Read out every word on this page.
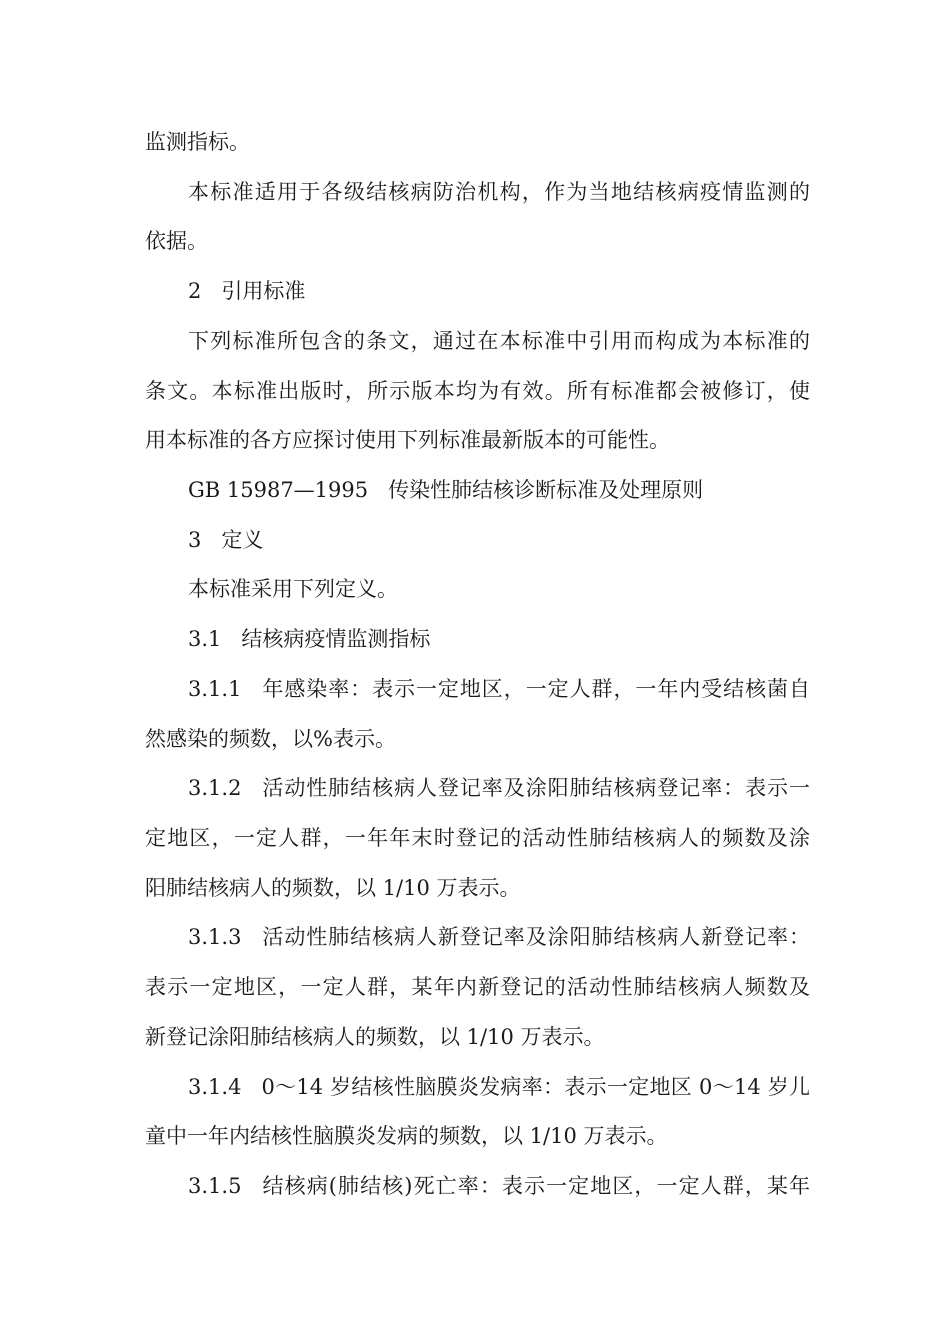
监测指标。
本标准适用于各级结核病防治机构，作为当地结核病疫情监测的
依据。
2 引用标准
下列标准所包含的条文，通过在本标准中引用而构成为本标准的
条文。本标准出版时，所示版本均为有效。所有标准都会被修订，使
用本标准的各方应探讨使用下列标准最新版本的可能性。
GB 15987—1995 传染性肺结核诊断标准及处理原则
3 定义
本标准采用下列定义。
3.1 结核病疫情监测指标
3.1.1 年感染率：表示一定地区，一定人群，一年内受结核菌自
然感染的频数，以%表示。
3.1.2 活动性肺结核病人登记率及涂阳肺结核病登记率：表示一
定地区，一定人群，一年年末时登记的活动性肺结核病人的频数及涂
阳肺结核病人的频数，以 1/10 万表示。
3.1.3 活动性肺结核病人新登记率及涂阳肺结核病人新登记率：
表示一定地区，一定人群，某年内新登记的活动性肺结核病人频数及
新登记涂阳肺结核病人的频数，以 1/10 万表示。
3.1.4 0～14 岁结核性脑膜炎发病率：表示一定地区 0～14 岁儿
童中一年内结核性脑膜炎发病的频数，以 1/10 万表示。
3.1.5 结核病(肺结核)死亡率：表示一定地区，一定人群，某年
